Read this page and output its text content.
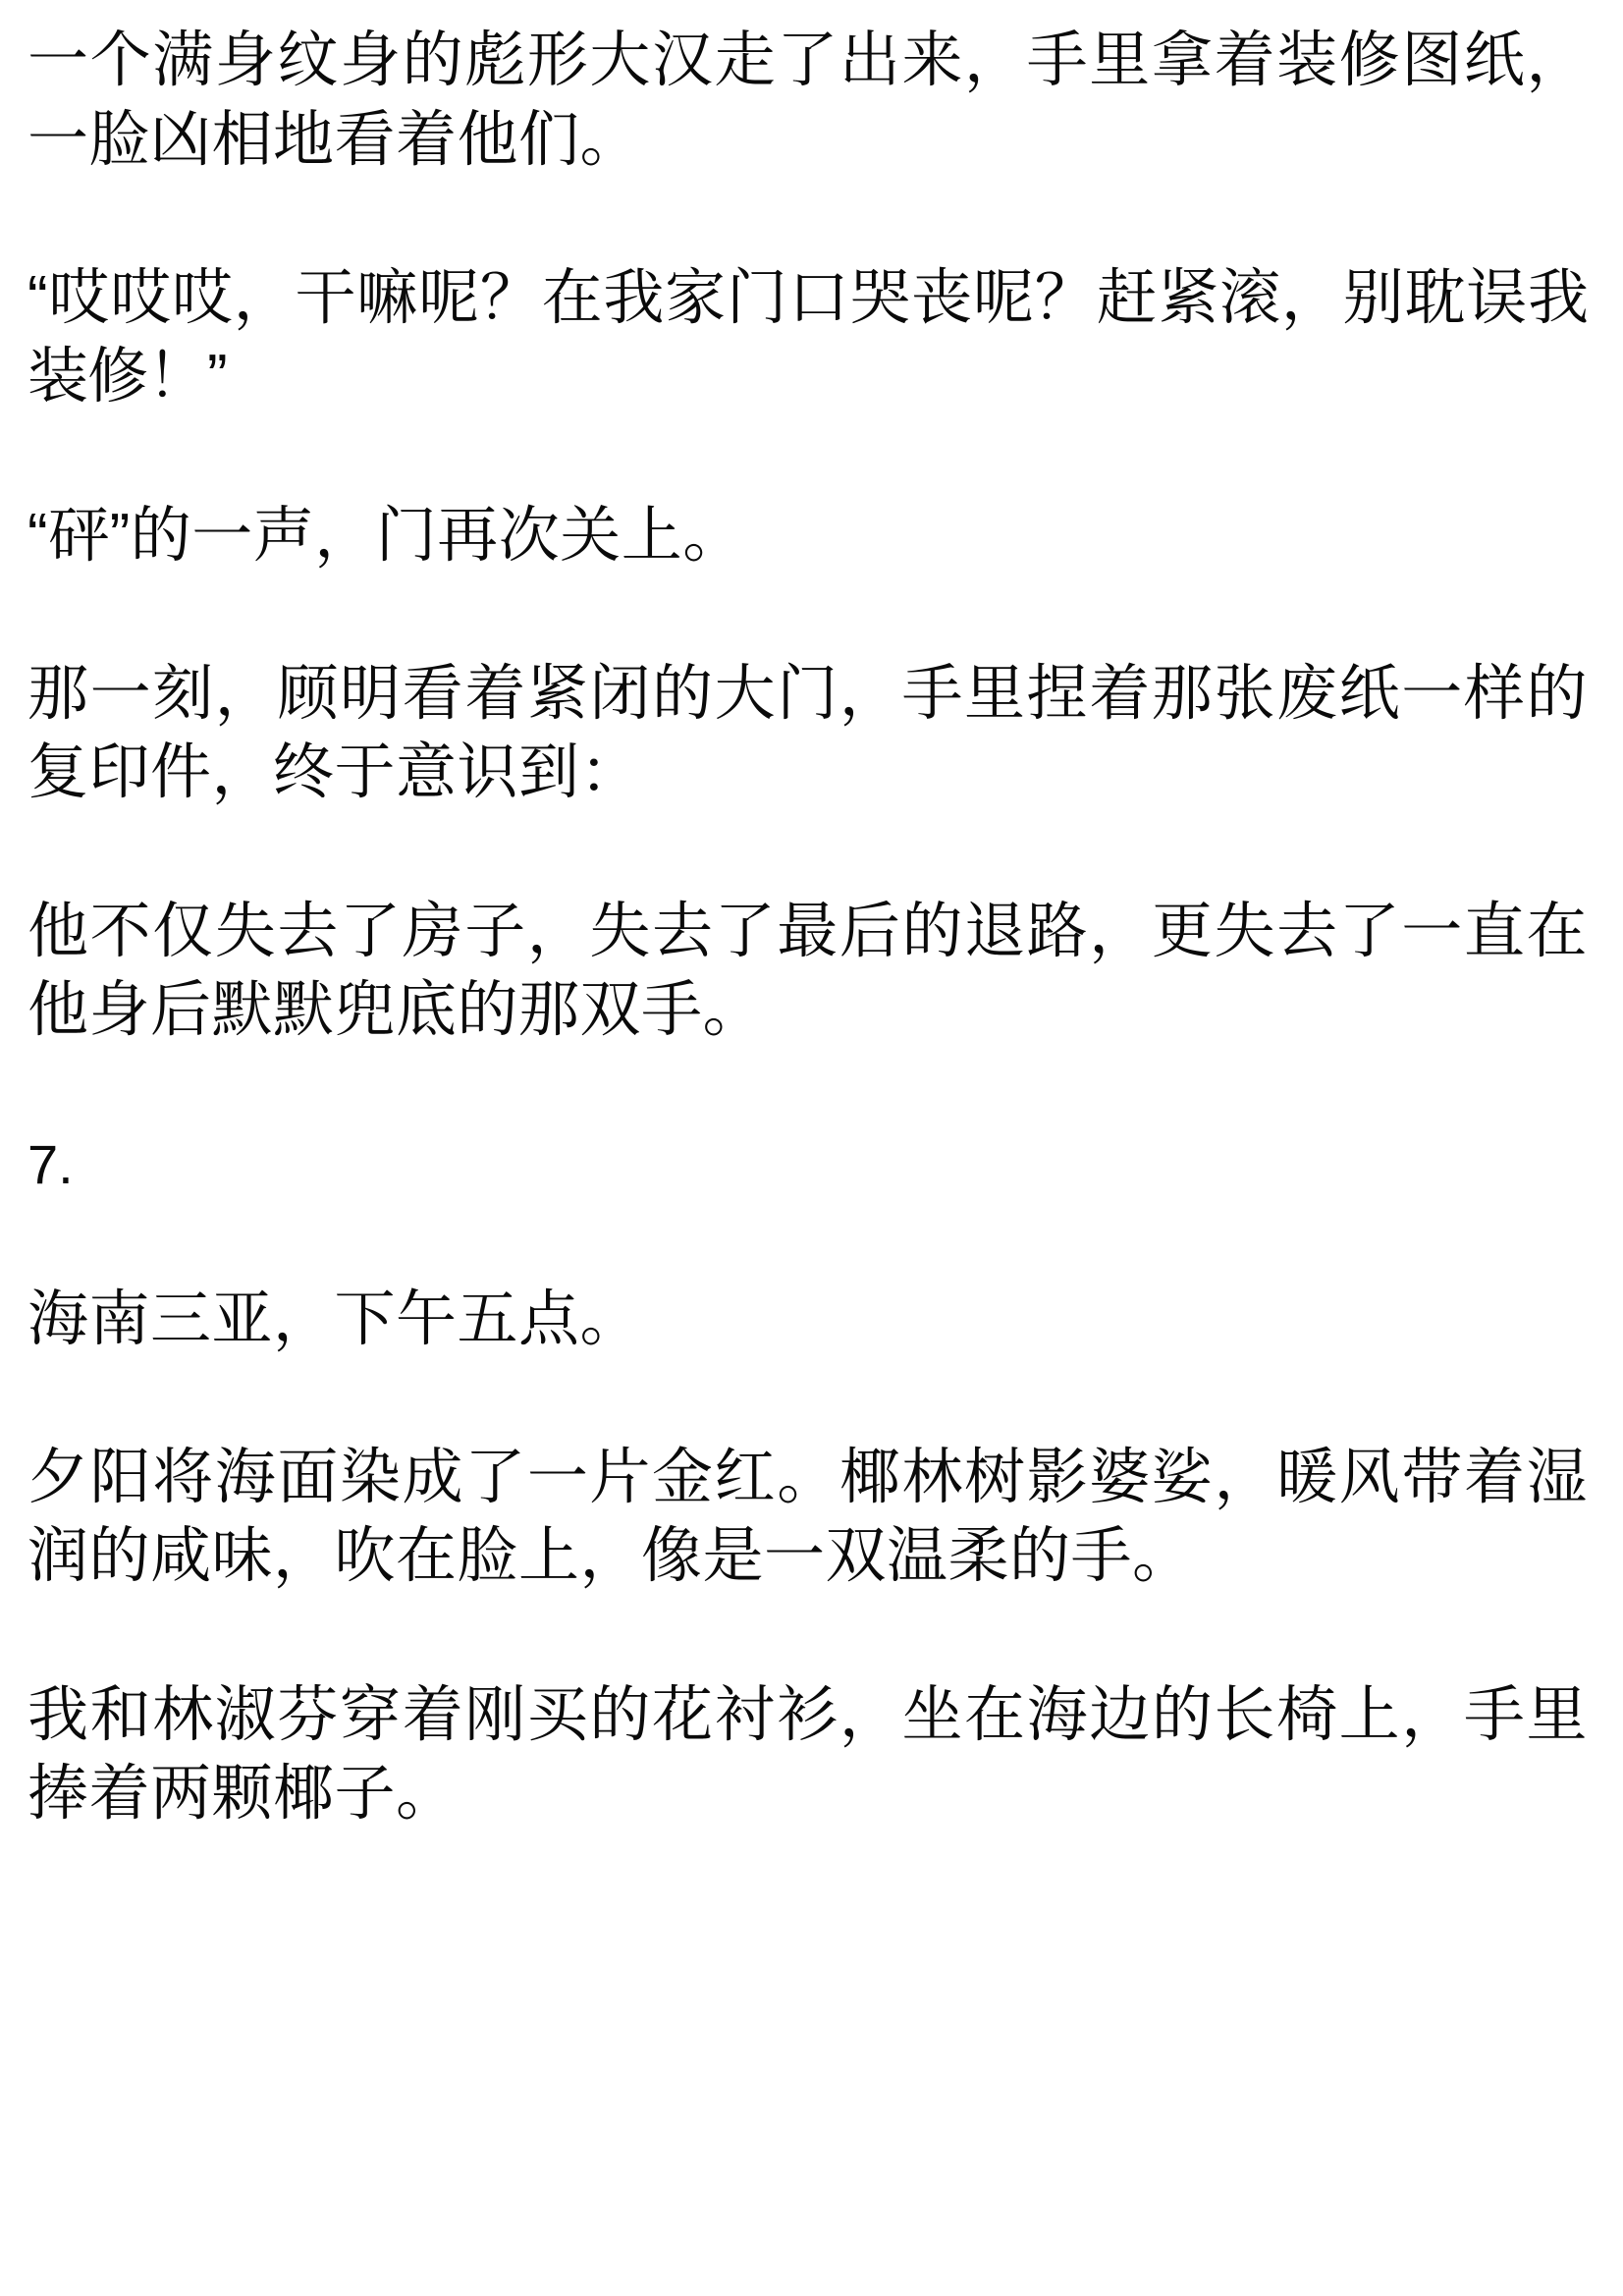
一个满身纹身的彪形大汉走了出来，手里拿着装修图纸，一脸凶相地看着他们。

“哎哎哎，干嘛呢？在我家门口哭丧呢？赶紧滚，别耽误我装修！”

“砰”的一声，门再次关上。

那一刻，顾明看着紧闭的大门，手里捏着那张废纸一样的复印件，终于意识到：

他不仅失去了房子，失去了最后的退路，更失去了一直在他身后默默兜底的那双手。

7.

海南三亚，下午五点。

夕阳将海面染成了一片金红。椰林树影婆娑，暖风带着湿润的咸味，吹在脸上，像是一双温柔的手。

我和林淑芬穿着刚买的花衬衫，坐在海边的长椅上，手里捧着两颗椰子。
